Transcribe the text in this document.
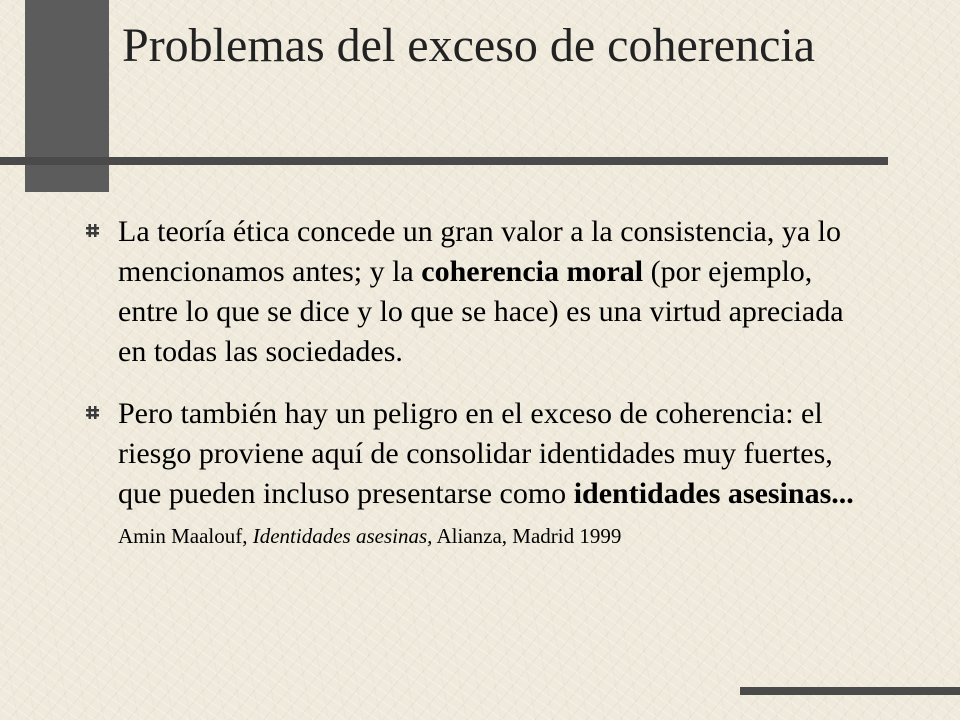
Problemas del exceso de coherencia
La teoría ética concede un gran valor a la consistencia, ya lo mencionamos antes; y la coherencia moral (por ejemplo, entre lo que se dice y lo que se hace) es una virtud apreciada en todas las sociedades.
Pero también hay un peligro en el exceso de coherencia: el riesgo proviene aquí de consolidar identidades muy fuertes, que pueden incluso presentarse como identidades asesinas... Amin Maalouf, Identidades asesinas, Alianza, Madrid 1999
